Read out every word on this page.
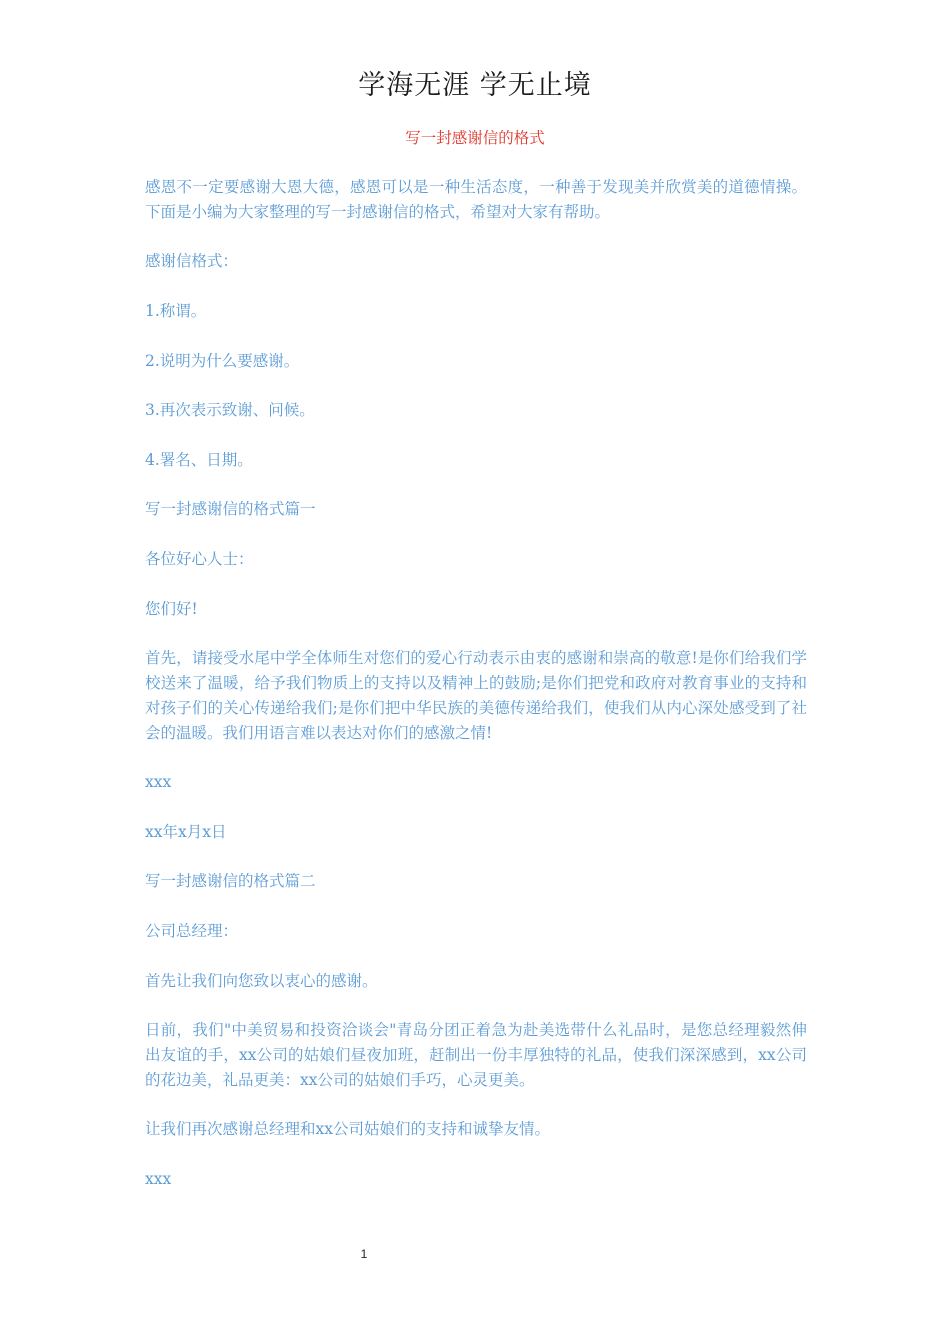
学海无涯 学无止境
写一封感谢信的格式

感恩不一定要感谢大恩大德，感恩可以是一种生活态度，一种善于发现美并欣赏美的道德情操。下面是小编为大家整理的写一封感谢信的格式，希望对大家有帮助。

感谢信格式：

1.称谓。

2.说明为什么要感谢。

3.再次表示致谢、问候。

4.署名、日期。

写一封感谢信的格式篇一

各位好心人士：

您们好!

首先，请接受水尾中学全体师生对您们的爱心行动表示由衷的感谢和崇高的敬意!是你们给我们学校送来了温暖，给予我们物质上的支持以及精神上的鼓励;是你们把党和政府对教育事业的支持和对孩子们的关心传递给我们;是你们把中华民族的美德传递给我们，使我们从内心深处感受到了社会的温暖。我们用语言难以表达对你们的感激之情!

xxx

xx年x月x日

写一封感谢信的格式篇二

公司总经理：

首先让我们向您致以衷心的感谢。

日前，我们"中美贸易和投资洽谈会"青岛分团正着急为赴美选带什么礼品时，是您总经理毅然伸出友谊的手，xx公司的姑娘们昼夜加班，赶制出一份丰厚独特的礼品，使我们深深感到，xx公司的花边美，礼品更美：xx公司的姑娘们手巧，心灵更美。

让我们再次感谢总经理和xx公司姑娘们的支持和诚挚友情。

xxx

1
